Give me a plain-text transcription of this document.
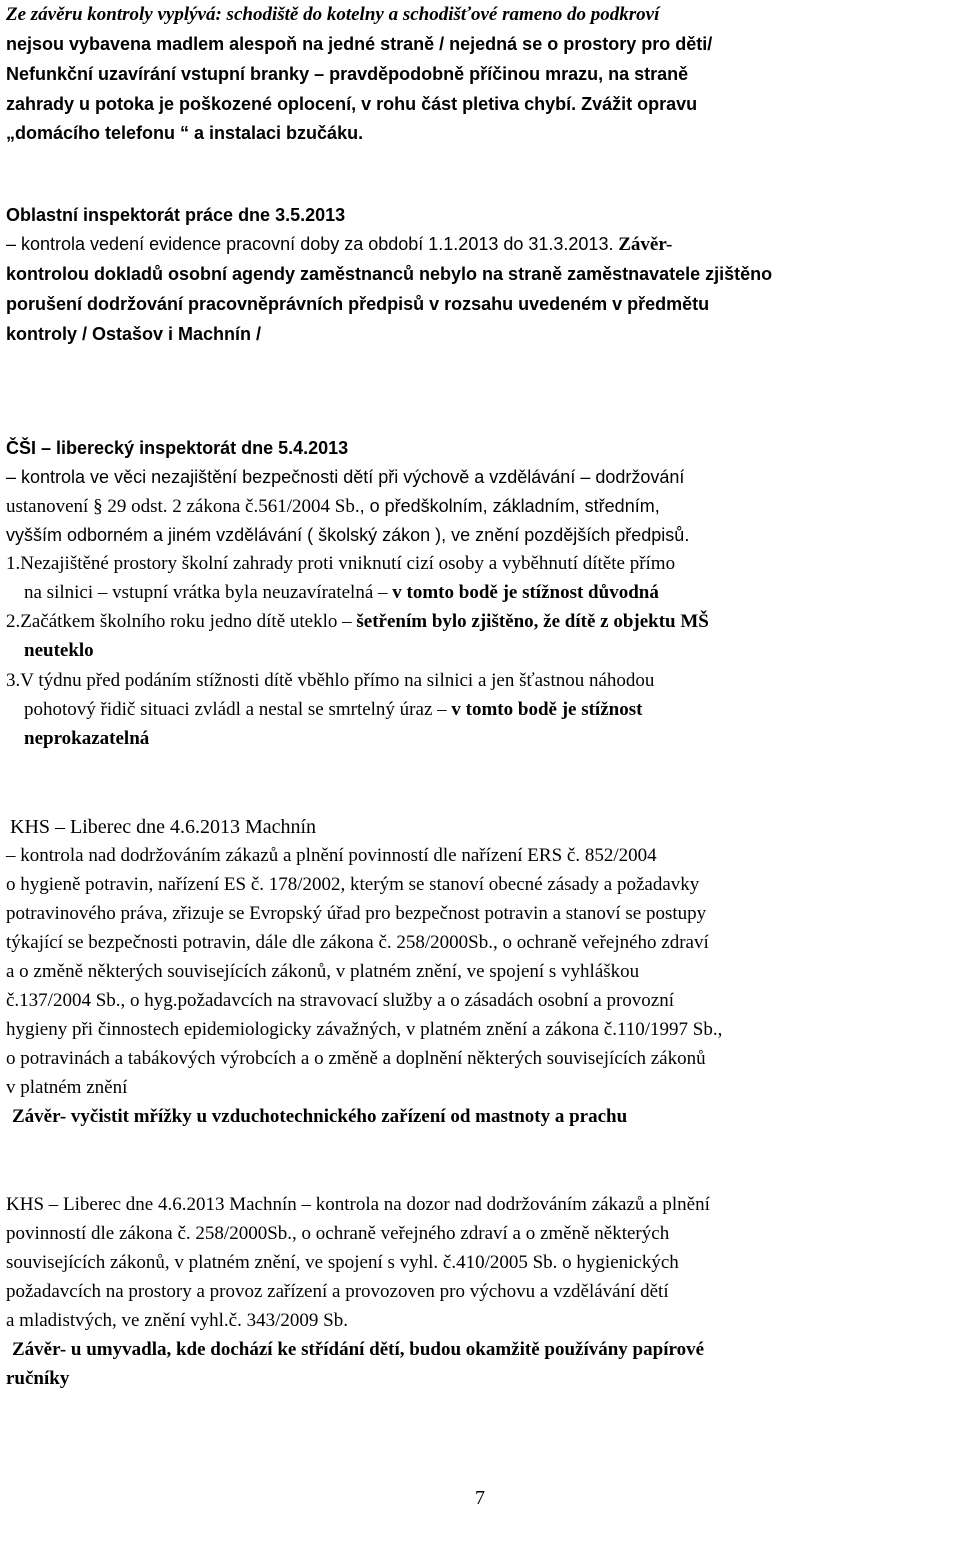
Ze závěru kontroly vyplývá: schodiště do kotelny a schodišťové rameno do podkroví
nejsou vybavena madlem alespoň na jedné straně / nejedná se o prostory pro děti/
Nefunkční uzavírání vstupní branky – pravděpodobně příčinou mrazu, na straně
zahrady u potoka je poškozené oplocení, v rohu část pletiva chybí. Zvážit opravu
„domácího telefonu “ a instalaci bzučáku.
Oblastní inspektorát práce dne 3.5.2013
– kontrola vedení evidence pracovní doby za období 1.1.2013 do 31.3.2013. Závěr-
kontrolou dokladů osobní agendy zaměstnanců nebylo na straně zaměstnavatele zjištěno
porušení dodržování pracovněprávních předpisů v rozsahu uvedeném v předmětu
kontroly / Ostašov i Machnín /
ČŠI – liberecký inspektorát dne 5.4.2013
– kontrola ve věci nezajištění bezpečnosti dětí při výchově a vzdělávání – dodržování
ustanovení § 29 odst. 2 zákona č.561/2004 Sb., o předškolním, základním, středním,
vyšším odborném a jiném vzdělávání ( školský zákon ), ve znění pozdějších předpisů.
1.Nezajištěné prostory školní zahrady proti vniknutí cizí osoby a vyběhnutí dítěte přímo
na silnici – vstupní vrátka byla neuzavíratelná – v tomto bodě je stížnost důvodná
2.Začátkem školního roku jedno dítě uteklo – šetřením bylo zjištěno, že dítě z objektu MŠ
neuteklo
3.V týdnu před podáním stížnosti dítě vběhlo přímo na silnici a jen šťastnou náhodou
pohotový řidič situaci zvládl a nestal se smrtelný úraz – v tomto bodě je stížnost
neprokazatelná
KHS – Liberec dne 4.6.2013 Machnín
– kontrola nad dodržováním zákazů a plnění povinností dle nařízení ERS č. 852/2004
o hygieně potravin, nařízení ES č. 178/2002, kterým se stanoví obecné zásady a požadavky
potravinového práva, zřizuje se Evropský úřad pro bezpečnost potravin a stanoví se postupy
týkající se bezpečnosti potravin, dále dle zákona č. 258/2000Sb., o ochraně veřejného zdraví
a o změně některých souvisejících zákonů, v platném znění, ve spojení s vyhláškou
č.137/2004 Sb., o hyg.požadavcích na stravovací služby a o zásadách osobní a provozní
hygieny při činnostech epidemiologicky závažných, v platném znění a zákona č.110/1997 Sb.,
o potravinách a tabákových výrobcích a o změně a doplnění některých souvisejících zákonů
v platném znění
Závěr- vyčistit mřížky u vzduchotechnického zařízení od mastnoty a prachu
KHS – Liberec dne 4.6.2013 Machnín – kontrola na dozor nad dodržováním zákazů a plnění
povinností dle zákona č. 258/2000Sb., o ochraně veřejného zdraví a o změně některých
souvisejících zákonů, v platném znění, ve spojení s vyhl. č.410/2005 Sb. o hygienických
požadavcích na prostory a provoz zařízení a provozoven pro výchovu a vzdělávání dětí
a mladistvých, ve znění vyhl.č. 343/2009 Sb.
Závěr- u umyvadla, kde dochází ke střídání dětí, budou okamžitě používány papírové
ručníky
7
